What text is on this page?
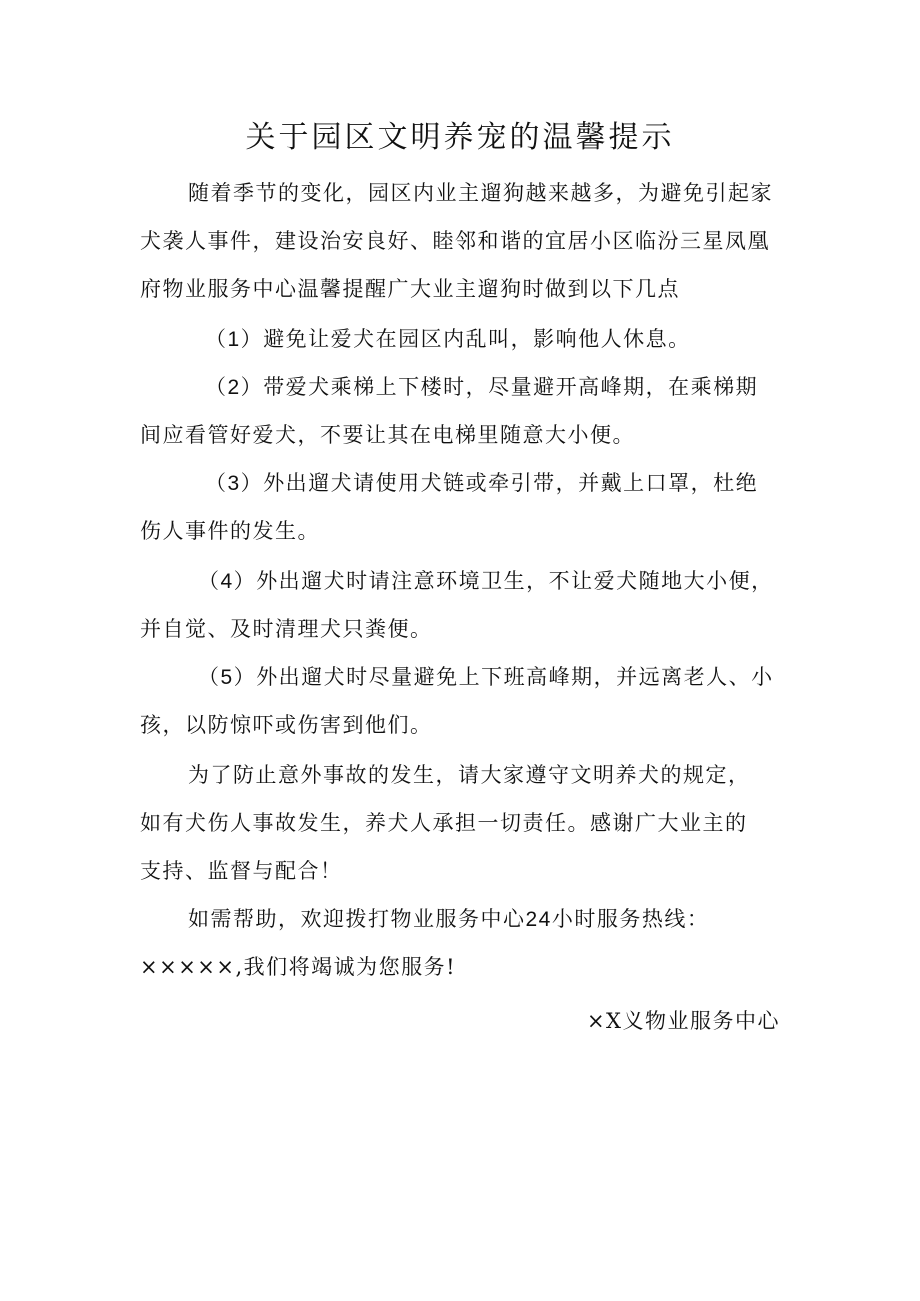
关于园区文明养宠的温馨提示

随着季节的变化，园区内业主遛狗越来越多，为避免引起家

犬袭人事件，建设治安良好、睦邻和谐的宜居小区临汾三星凤凰

府物业服务中心温馨提醒广大业主遛狗时做到以下几点

（1）避免让爱犬在园区内乱叫，影响他人休息。

（2）带爱犬乘梯上下楼时，尽量避开高峰期，在乘梯期

间应看管好爱犬，不要让其在电梯里随意大小便。

（3）外出遛犬请使用犬链或牵引带，并戴上口罩，杜绝

伤人事件的发生。

（4）外出遛犬时请注意环境卫生，不让爱犬随地大小便，

并自觉、及时清理犬只粪便。

（5）外出遛犬时尽量避免上下班高峰期，并远离老人、小

孩，以防惊吓或伤害到他们。

为了防止意外事故的发生，请大家遵守文明养犬的规定，

如有犬伤人事故发生，养犬人承担一切责任。感谢广大业主的

支持、监督与配合！

如需帮助，欢迎拨打物业服务中心24小时服务热线：

×××××,我们将竭诚为您服务!

×X义物业服务中心
